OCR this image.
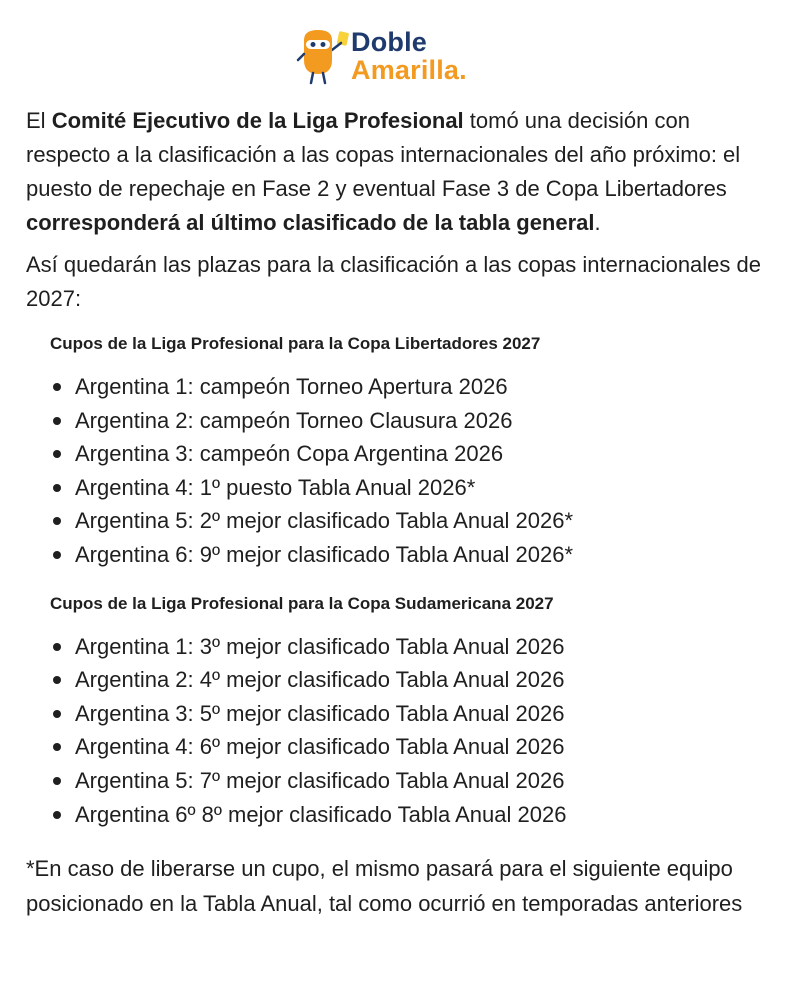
Doble
Amarilla.

El Comité Ejecutivo de la Liga Profesional tomó una decisión con respecto a la clasificación a las copas internacionales del año próximo: el puesto de repechaje en Fase 2 y eventual Fase 3 de Copa Libertadores corresponderá al último clasificado de la tabla general.

Así quedarán las plazas para la clasificación a las copas internacionales de 2027:

Cupos de la Liga Profesional para la Copa Libertadores 2027
Argentina 1: campeón Torneo Apertura 2026
Argentina 2: campeón Torneo Clausura 2026
Argentina 3: campeón Copa Argentina 2026
Argentina 4: 1º puesto Tabla Anual 2026*
Argentina 5: 2º mejor clasificado Tabla Anual 2026*
Argentina 6: 9º mejor clasificado Tabla Anual 2026*
Cupos de la Liga Profesional para la Copa Sudamericana 2027
Argentina 1: 3º mejor clasificado Tabla Anual 2026
Argentina 2: 4º mejor clasificado Tabla Anual 2026
Argentina 3: 5º mejor clasificado Tabla Anual 2026
Argentina 4: 6º mejor clasificado Tabla Anual 2026
Argentina 5: 7º mejor clasificado Tabla Anual 2026
Argentina 6º 8º mejor clasificado Tabla Anual 2026

*En caso de liberarse un cupo, el mismo pasará para el siguiente equipo posicionado en la Tabla Anual, tal como ocurrió en temporadas anteriores
